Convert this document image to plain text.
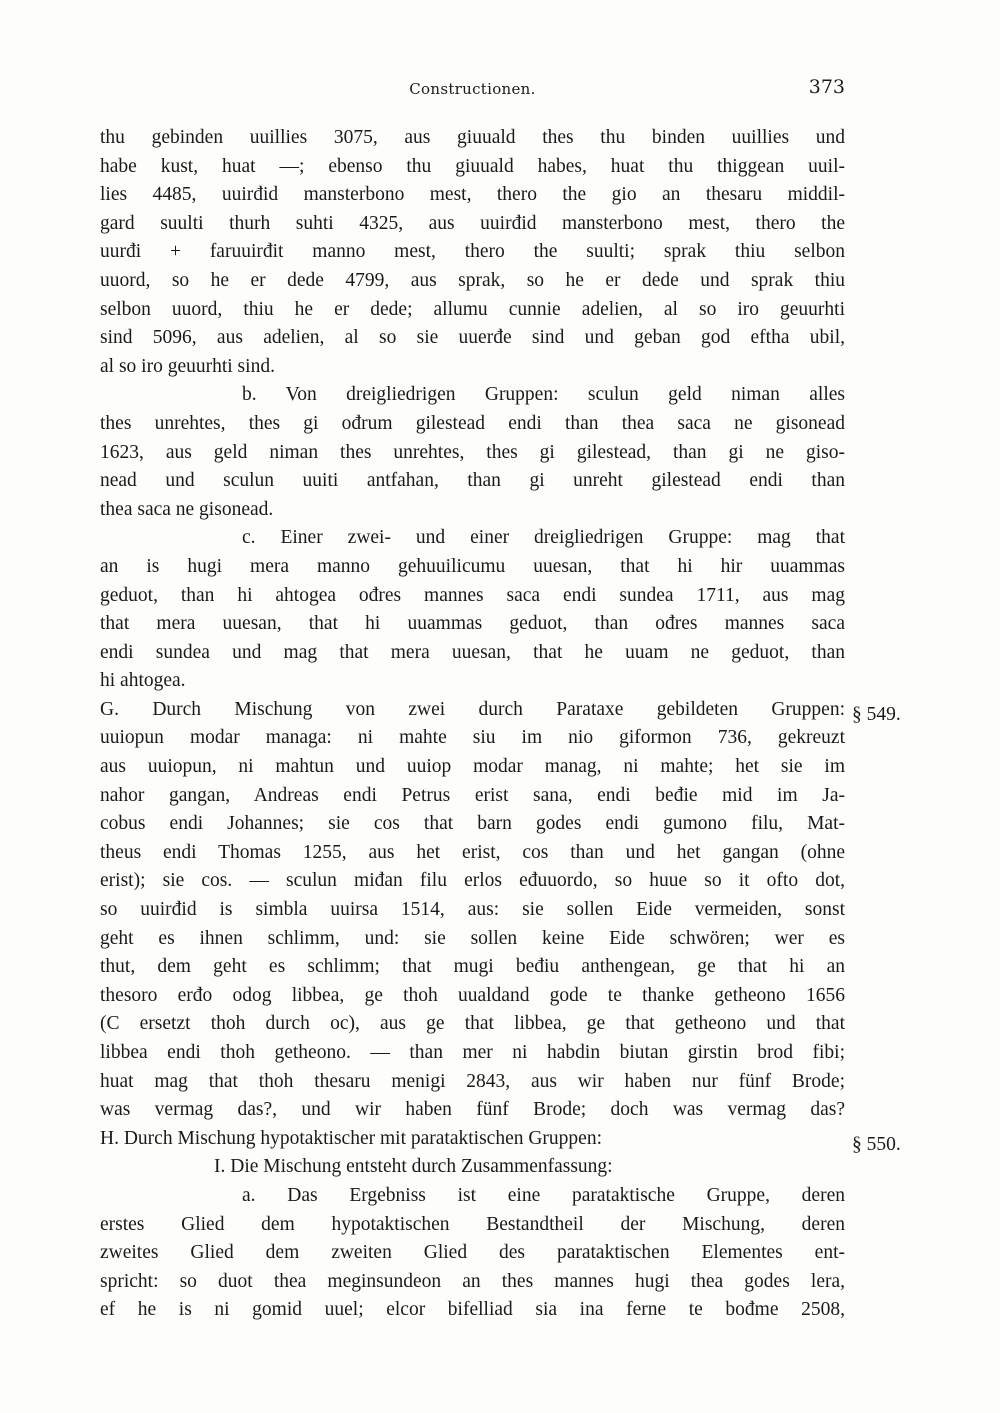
Constructionen.	373
thu gebinden uuillies 3075, aus giuuald thes thu binden uuillies und
habe kust, huat —; ebenso thu giuuald habes, huat thu thiggean uuil-
lies 4485, uuirđid mansterbono mest, thero the gio an thesaru middil-
gard suulti thurh suhti 4325, aus uuirđid mansterbono mest, thero the
uurđi + faruuirđit manno mest, thero the suulti; sprak thiu selbon
uuord, so he er dede 4799, aus sprak, so he er dede und sprak thiu
selbon uuord, thiu he er dede; allumu cunnie adelien, al so iro geuurhti
sind 5096, aus adelien, al so sie uuerđe sind und geban god eftha ubil,
al so iro geuurhti sind.
b. Von dreigliedrigen Gruppen: sculun geld niman alles
thes unrehtes, thes gi ođrum gilestead endi than thea saca ne gisonead
1623, aus geld niman thes unrehtes, thes gi gilestead, than gi ne giso-
nead und sculun uuiti antfahan, than gi unreht gilestead endi than
thea saca ne gisonead.
c. Einer zwei- und einer dreigliedrigen Gruppe: mag that
an is hugi mera manno gehuuilicumu uuesan, that hi hir uuammas
geduot, than hi ahtogea ođres mannes saca endi sundea 1711, aus mag
that mera uuesan, that hi uuammas geduot, than ođres mannes saca
endi sundea und mag that mera uuesan, that he uuam ne geduot, than
hi ahtogea.
G. Durch Mischung von zwei durch Parataxe gebildeten Gruppen:
uuiopun modar managa: ni mahte siu im nio giformon 736, gekreuzt
aus uuiopun, ni mahtun und uuiop modar manag, ni mahte; het sie im
nahor gangan, Andreas endi Petrus erist sana, endi beđie mid im Ja-
cobus endi Johannes; sie cos that barn godes endi gumono filu, Mat-
theus endi Thomas 1255, aus het erist, cos than und het gangan (ohne
erist); sie cos. — sculun miđan filu erlos eđuuordo, so huue so it ofto dot,
so uuirđid is simbla uuirsa 1514, aus: sie sollen Eide vermeiden, sonst
geht es ihnen schlimm, und: sie sollen keine Eide schwören; wer es
thut, dem geht es schlimm; that mugi beđiu anthengean, ge that hi an
thesoro erđo odog libbea, ge thoh uualdand gode te thanke getheono 1656
(C ersetzt thoh durch oc), aus ge that libbea, ge that getheono und that
libbea endi thoh getheono. — than mer ni habdin biutan girstin brod fibi;
huat mag that thoh thesaru menigi 2843, aus wir haben nur fünf Brode;
was vermag das?, und wir haben fünf Brode; doch was vermag das?
H. Durch Mischung hypotaktischer mit parataktischen Gruppen:
I. Die Mischung entsteht durch Zusammenfassung:
a. Das Ergebniss ist eine parataktische Gruppe, deren
erstes Glied dem hypotaktischen Bestandtheil der Mischung, deren
zweites Glied dem zweiten Glied des parataktischen Elementes ent-
spricht: so duot thea meginsundeon an thes mannes hugi thea godes lera,
ef he is ni gomid uuel; elcor bifelliad sia ina ferne te bođme 2508,
§ 549.
§ 550.
